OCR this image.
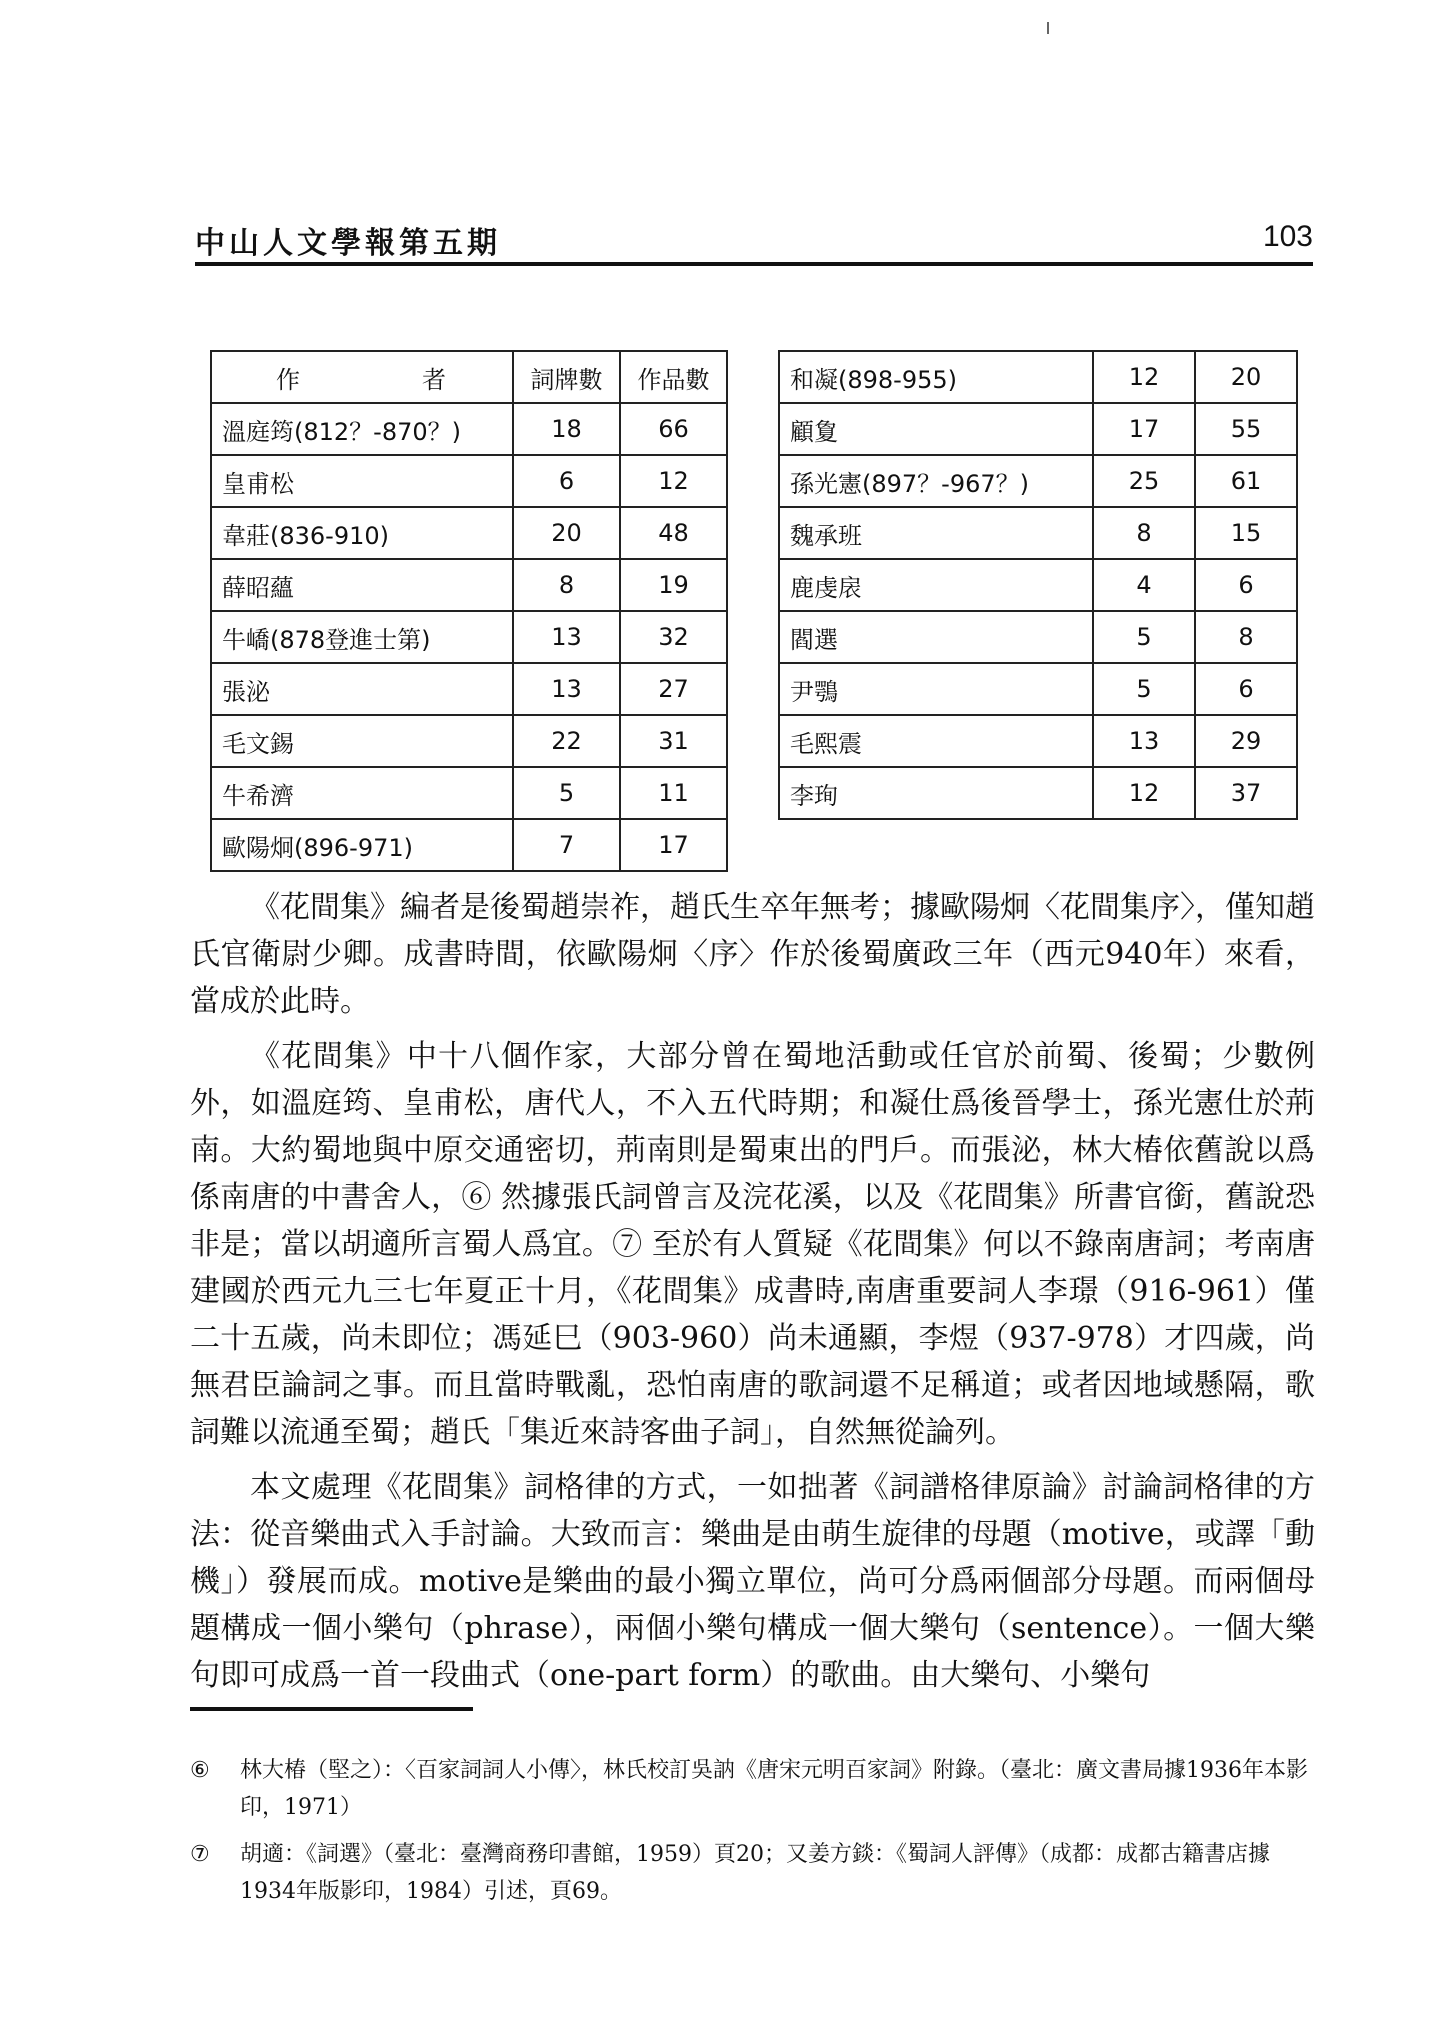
中山人文學報第五期	103
作 者	詞牌數	作品數
溫庭筠(812？-870？)	18	66
皇甫松	6	12
韋莊(836-910)	20	48
薛昭蘊	8	19
牛嶠(878登進士第)	13	32
張泌	13	27
毛文錫	22	31
牛希濟	5	11
歐陽炯(896-971)	7	17
和凝(898-955)	12	20
顧夐	17	55
孫光憲(897？-967？)	25	61
魏承班	8	15
鹿虔扆	4	6
閻選	5	8
尹鶚	5	6
毛熙震	13	29
李珣	12	37

《花間集》編者是後蜀趙崇祚，趙氏生卒年無考；據歐陽炯〈花間集序〉，僅知趙氏官衛尉少卿。成書時間，依歐陽炯〈序〉作於後蜀廣政三年（西元940年）來看，當成於此時。

《花間集》中十八個作家，大部分曾在蜀地活動或任官於前蜀、後蜀；少數例外，如溫庭筠、皇甫松，唐代人，不入五代時期；和凝仕爲後晉學士，孫光憲仕於荊南。大約蜀地與中原交通密切，荊南則是蜀東出的門戶。而張泌，林大椿依舊說以爲係南唐的中書舍人，⑥ 然據張氏詞曾言及浣花溪，以及《花間集》所書官銜，舊說恐非是；當以胡適所言蜀人爲宜。⑦ 至於有人質疑《花間集》何以不錄南唐詞；考南唐建國於西元九三七年夏正十月，《花間集》成書時,南唐重要詞人李璟（916-961）僅二十五歲，尚未即位；馮延巳（903-960）尚未通顯，李煜（937-978）才四歲，尚無君臣論詞之事。而且當時戰亂，恐怕南唐的歌詞還不足稱道；或者因地域懸隔，歌詞難以流通至蜀；趙氏「集近來詩客曲子詞」，自然無從論列。

本文處理《花間集》詞格律的方式，一如拙著《詞譜格律原論》討論詞格律的方法：從音樂曲式入手討論。大致而言：樂曲是由萌生旋律的母題（motive，或譯「動機」）發展而成。motive是樂曲的最小獨立單位，尚可分爲兩個部分母題。而兩個母題構成一個小樂句（phrase），兩個小樂句構成一個大樂句（sentence）。一個大樂句即可成爲一首一段曲式（one-part form）的歌曲。由大樂句、小樂句

⑥ 林大椿（堅之）：〈百家詞詞人小傳〉，林氏校訂吳訥《唐宋元明百家詞》附錄。（臺北：廣文書局據1936年本影印，1971）
⑦ 胡適：《詞選》（臺北：臺灣商務印書館，1959）頁20；又姜方錟：《蜀詞人評傳》（成都：成都古籍書店據1934年版影印，1984）引述，頁69。
